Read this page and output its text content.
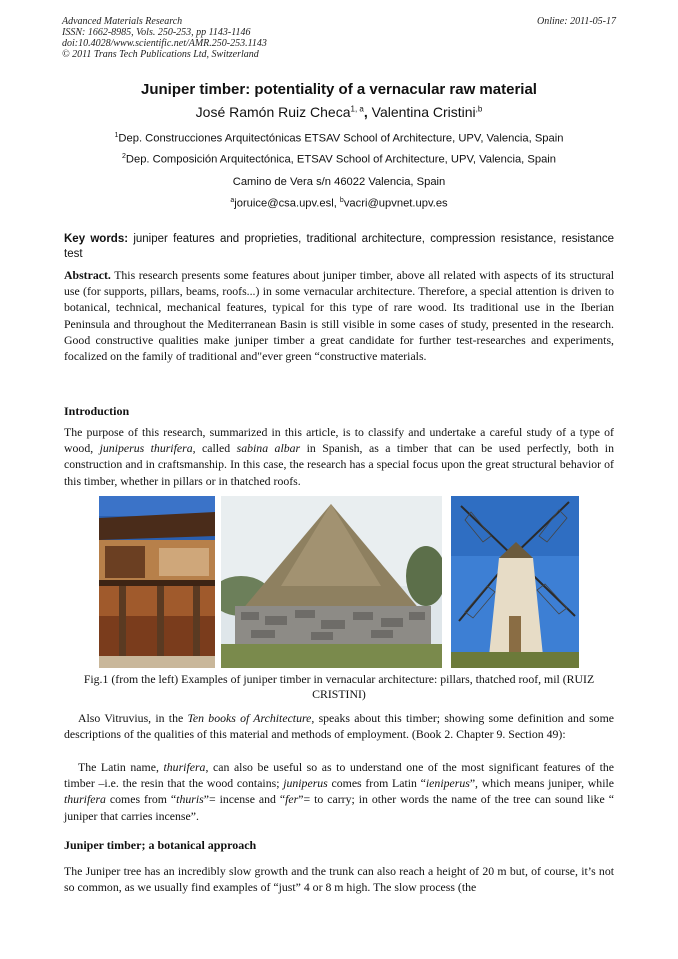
Advanced Materials Research
ISSN: 1662-8985, Vols. 250-253, pp 1143-1146
doi:10.4028/www.scientific.net/AMR.250-253.1143
© 2011 Trans Tech Publications Ltd, Switzerland
Online: 2011-05-17
Juniper timber: potentiality of a vernacular raw material
José Ramón Ruiz Checa$^{1, a}$, Valentina Cristini$^{,b}$
$^1$Dep. Construcciones Arquitectónicas ETSAV School of Architecture, UPV, Valencia, Spain
$^2$Dep. Composición Arquitectónica, ETSAV School of Architecture, UPV, Valencia, Spain
Camino de Vera s/n 46022 Valencia, Spain
$^a$joruice@csa.upv.esl, $^b$vacri@upvnet.upv.es
Key words: juniper features and proprieties, traditional architecture, compression resistance, resistance test
Abstract. This research presents some features about juniper timber, above all related with aspects of its structural use (for supports, pillars, beams, roofs...) in some vernacular architecture. Therefore, a special attention is driven to botanical, technical, mechanical features, typical for this type of rare wood. Its traditional use in the Iberian Peninsula and throughout the Mediterranean Basin is still visible in some cases of study, presented in the research. Good constructive qualities make juniper timber a great candidate for further test-researches and experiments, focalized on the family of traditional and"ever green “constructive materials.
Introduction
The purpose of this research, summarized in this article, is to classify and undertake a careful study of a type of wood, juniperus thurifera, called sabina albar in Spanish, as a timber that can be used perfectly, both in construction and in craftsmanship. In this case, the research has a special focus upon the great structural behavior of this timber, whether in pillars or in thatched roofs.
Fig.1 (from the left) Examples of juniper timber in vernacular architecture: pillars, thatched roof, mil (RUIZ CRISTINI)
Also Vitruvius, in the Ten books of Architecture, speaks about this timber; showing some definition and some descriptions of the qualities of this material and methods of employment. (Book 2. Chapter 9. Section 49):
The Latin name, thurifera, can also be useful so as to understand one of the most significant features of the timber –i.e. the resin that the wood contains; juniperus comes from Latin “ieniperus”, which means juniper, while thurifera comes from “thuris”= incense and “fer”= to carry; in other words the name of the tree can sound like “ juniper that carries incense”.
Juniper timber; a botanical approach
The Juniper tree has an incredibly slow growth and the trunk can also reach a height of 20 m but, of course, it’s not so common, as we usually find examples of “just” 4 or 8 m high. The slow process (the
